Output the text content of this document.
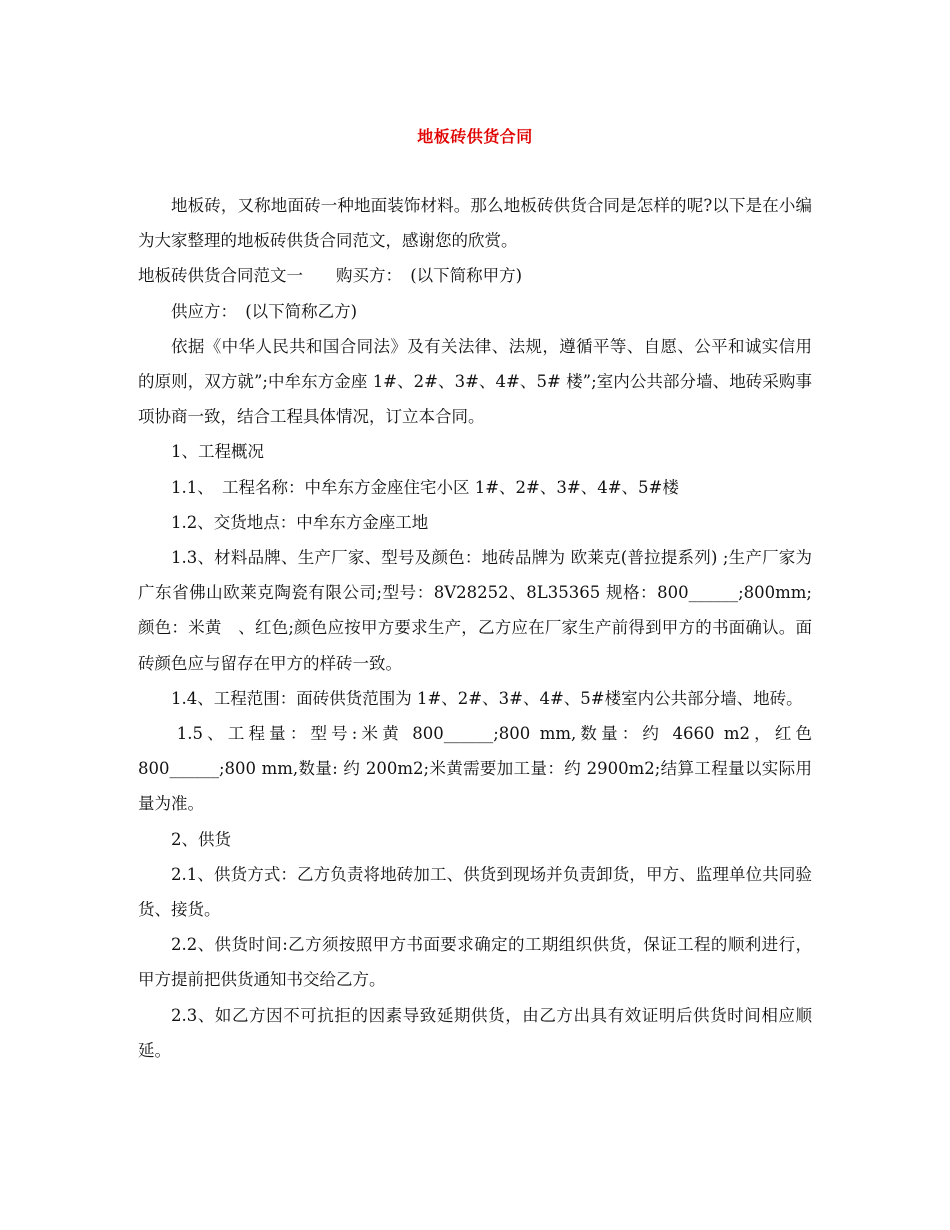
地板砖供货合同

地板砖，又称地面砖一种地面装饰材料。那么地板砖供货合同是怎样的呢?以下是在小编为大家整理的地板砖供货合同范文，感谢您的欣赏。

地板砖供货合同范文一　　购买方：　(以下简称甲方)

供应方：　(以下简称乙方)

依据《中华人民共和国合同法》及有关法律、法规，遵循平等、自愿、公平和诚实信用的原则，双方就”;中牟东方金座 1#、2#、3#、4#、5# 楼”;室内公共部分墙、地砖采购事项协商一致，结合工程具体情况，订立本合同。

1、工程概况

1.1、　工程名称：中牟东方金座住宅小区 1#、2#、3#、4#、5#楼

1.2、交货地点：中牟东方金座工地

1.3、材料品牌、生产厂家、型号及颜色：地砖品牌为 欧莱克(普拉提系列) ;生产厂家为广东省佛山欧莱克陶瓷有限公司;型号：8V28252、8L35365 规格：800______;800mm;颜色：米黄　、红色;颜色应按甲方要求生产，乙方应在厂家生产前得到甲方的书面确认。面砖颜色应与留存在甲方的样砖一致。

1.4、工程范围：面砖供货范围为 1#、2#、3#、4#、5#楼室内公共部分墙、地砖。

1.5、工程量：型号:米黄 800______;800 mm,数量：约 4660 m2，红色 800______;800 mm,数量: 约 200m2;米黄需要加工量：约 2900m2;结算工程量以实际用量为准。

2、供货

2.1、供货方式：乙方负责将地砖加工、供货到现场并负责卸货，甲方、监理单位共同验货、接货。

2.2、供货时间:乙方须按照甲方书面要求确定的工期组织供货，保证工程的顺利进行，甲方提前把供货通知书交给乙方。

2.3、如乙方因不可抗拒的因素导致延期供货，由乙方出具有效证明后供货时间相应顺延。
